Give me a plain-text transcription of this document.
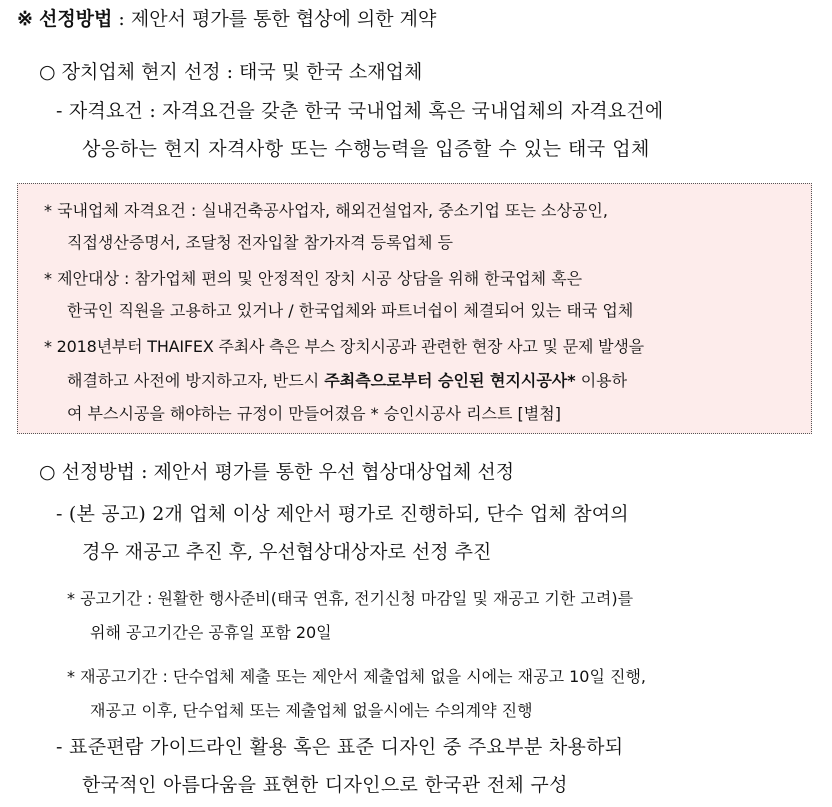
※ 선정방법 : 제안서 평가를 통한 협상에 의한 계약
○ 장치업체 현지 선정 : 태국 및 한국 소재업체
- 자격요건 : 자격요건을 갖춘 한국 국내업체 혹은 국내업체의 자격요건에
상응하는 현지 자격사항 또는 수행능력을 입증할 수 있는 태국 업체
* 국내업체 자격요건 : 실내건축공사업자, 해외건설업자, 중소기업 또는 소상공인,
직접생산증명서, 조달청 전자입찰 참가자격 등록업체 등
* 제안대상 : 참가업체 편의 및 안정적인 장치 시공 상담을 위해 한국업체 혹은
한국인 직원을 고용하고 있거나 / 한국업체와 파트너쉽이 체결되어 있는 태국 업체
* 2018년부터 THAIFEX 주최사 측은 부스 장치시공과 관련한 현장 사고 및 문제 발생을
해결하고 사전에 방지하고자, 반드시 주최측으로부터 승인된 현지시공사* 이용하
여 부스시공을 해야하는 규정이 만들어졌음 * 승인시공사 리스트 [별첨]
○ 선정방법 : 제안서 평가를 통한 우선 협상대상업체 선정
- (본 공고) 2개 업체 이상 제안서 평가로 진행하되, 단수 업체 참여의
경우 재공고 추진 후, 우선협상대상자로 선정 추진
* 공고기간 : 원활한 행사준비(태국 연휴, 전기신청 마감일 및 재공고 기한 고려)를
위해 공고기간은 공휴일 포함 20일
* 재공고기간 : 단수업체 제출 또는 제안서 제출업체 없을 시에는 재공고 10일 진행,
재공고 이후, 단수업체 또는 제출업체 없을시에는 수의계약 진행
- 표준편람 가이드라인 활용 혹은 표준 디자인 중 주요부분 차용하되
한국적인 아름다움을 표현한 디자인으로 한국관 전체 구성
